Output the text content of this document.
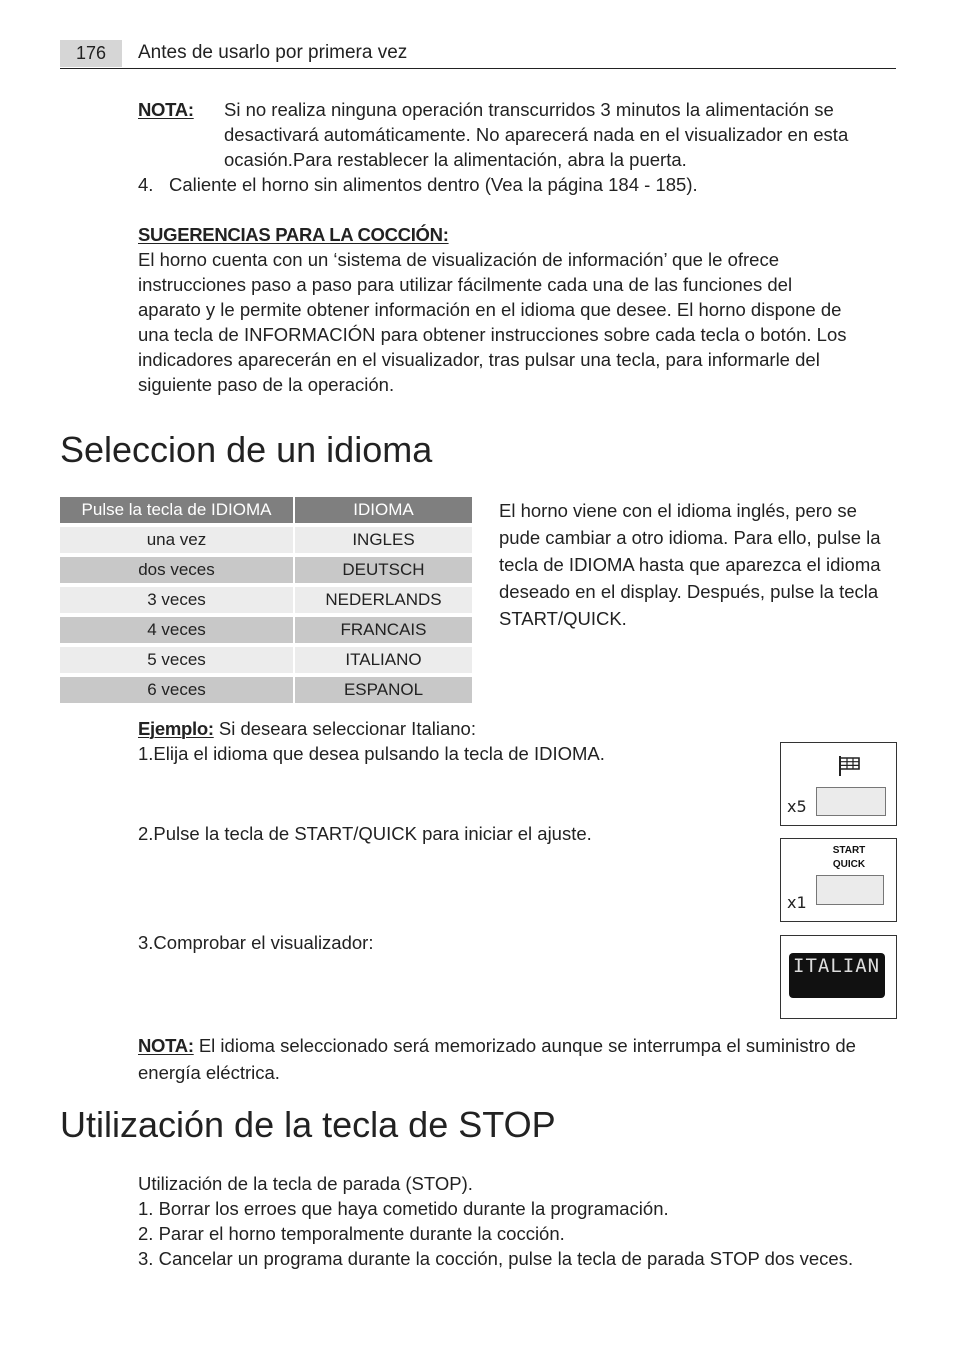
176	Antes de usarlo por primera vez
NOTA: Si no realiza ninguna operación transcurridos 3 minutos la alimentación se
desactivará automáticamente. No aparecerá nada en el visualizador en esta
ocasión.Para restablecer la alimentación, abra la puerta.
4. Caliente el horno sin alimentos dentro (Vea la página 184 - 185).
SUGERENCIAS PARA LA COCCIÓN:
El horno cuenta con un ‘sistema de visualización de información’ que le ofrece
instrucciones paso a paso para utilizar fácilmente cada una de las funciones del
aparato y le permite obtener información en el idioma que desee. El horno dispone de
una tecla de INFORMACIÓN para obtener instrucciones sobre cada tecla o botón. Los
indicadores aparecerán en el visualizador, tras pulsar una tecla, para informarle del
siguiente paso de la operación.
Seleccion de un idioma
Pulse la tecla de IDIOMA	IDIOMA
una vez	INGLES
dos veces	DEUTSCH
3 veces	NEDERLANDS
4 veces	FRANCAIS
5 veces	ITALIANO
6 veces	ESPANOL
El horno viene con el idioma inglés, pero se
pude cambiar a otro idioma. Para ello, pulse la
tecla de IDIOMA hasta que aparezca el idioma
deseado en el display. Después, pulse la tecla
START/QUICK.
Ejemplo: Si deseara seleccionar Italiano:
1.Elija el idioma que desea pulsando la tecla de IDIOMA.
2.Pulse la tecla de START/QUICK para iniciar el ajuste.
3.Comprobar el visualizador:
x5
START
QUICK
x1
ITALIAN
NOTA: El idioma seleccionado será memorizado aunque se interrumpa el suministro de
energía eléctrica.
Utilización de la tecla de STOP
Utilización de la tecla de parada (STOP).
1. Borrar los erroes que haya cometido durante la programación.
2. Parar el horno temporalmente durante la cocción.
3. Cancelar un programa durante la cocción, pulse la tecla de parada STOP dos veces.
